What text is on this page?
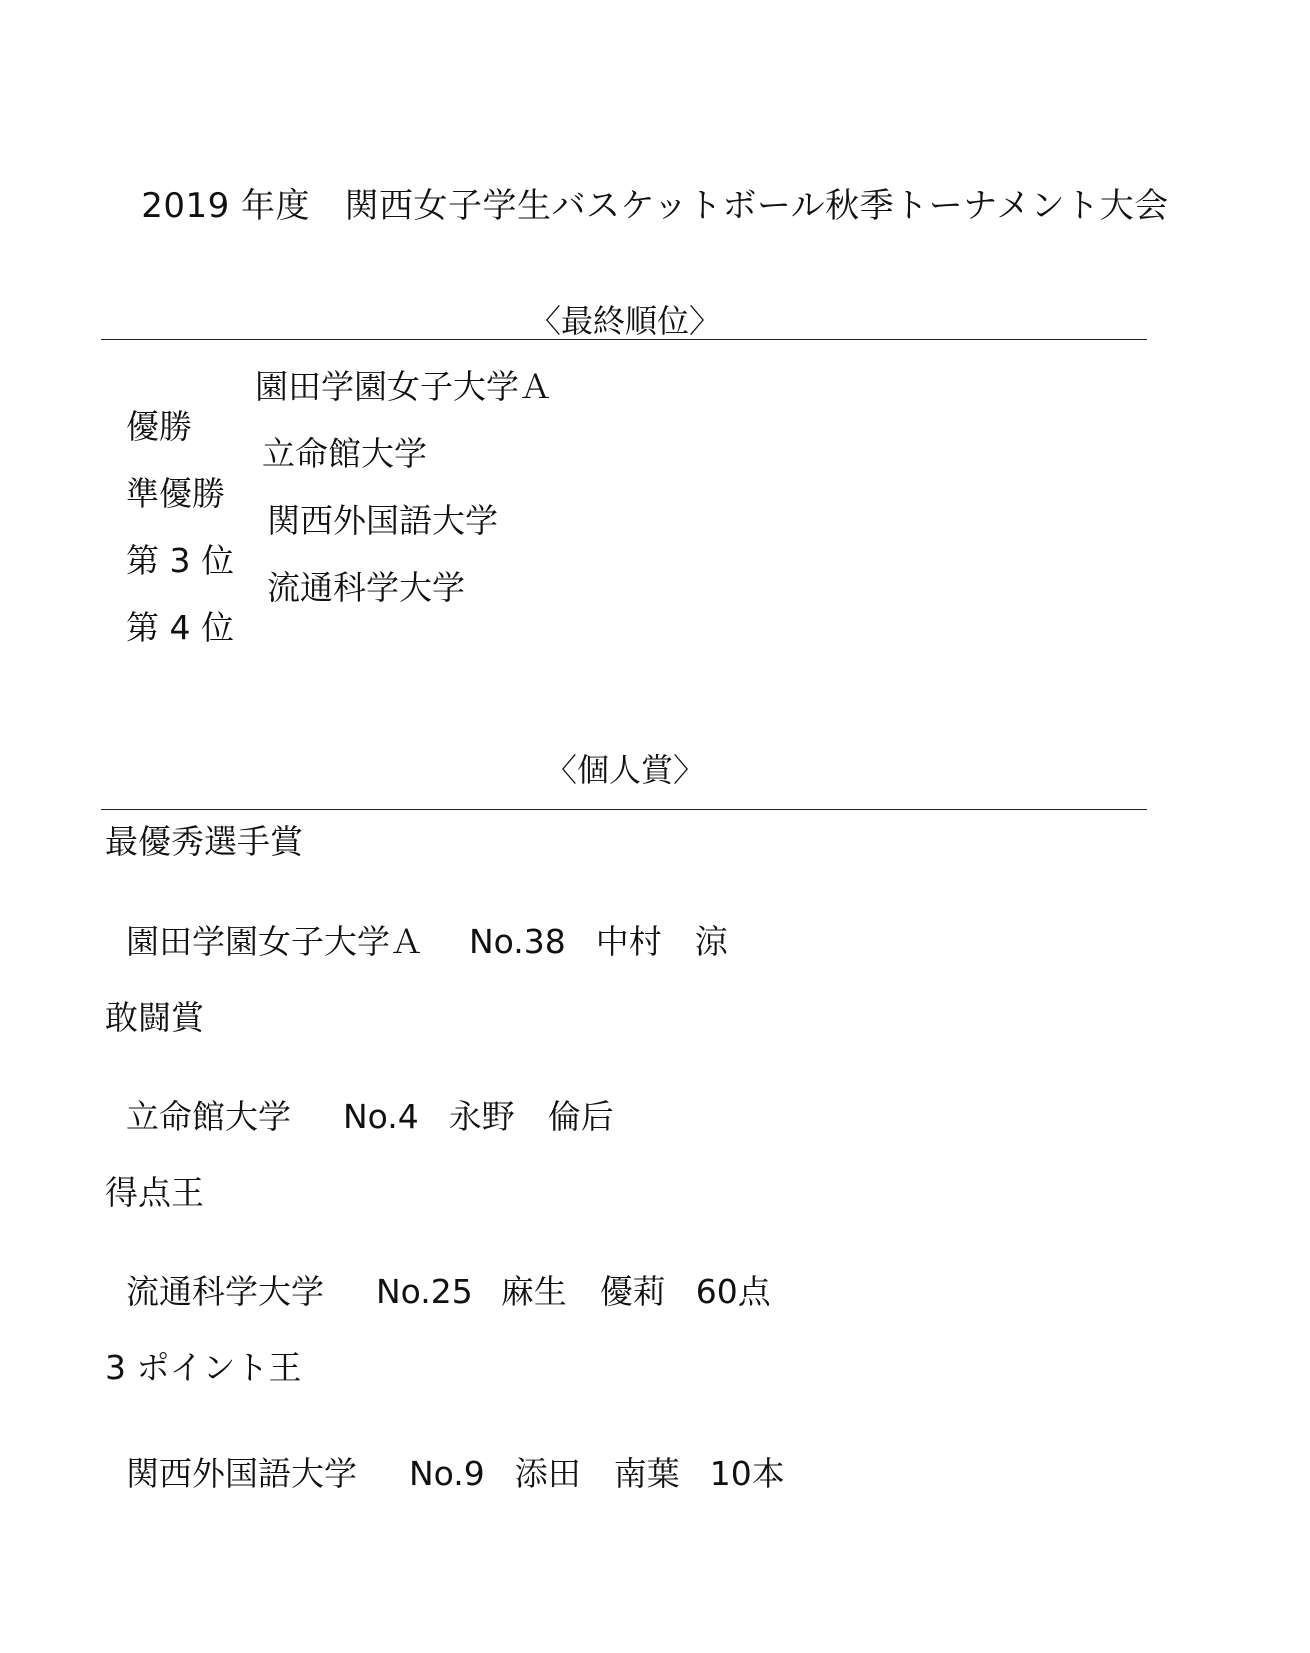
2019 年度　関西女子学生バスケットボール秋季トーナメント大会
〈最終順位〉

優勝

園田学園女子大学Ａ

準優勝

立命館大学

第 3 位

関西外国語大学

第 4 位

流通科学大学

〈個人賞〉
最優秀選手賞

園田学園女子大学Ａ No.38 中村　涼

敢闘賞

立命館大学 No.4 永野　倫后

得点王

流通科学大学 No.25 麻生　優莉 60点

3 ポイント王

関西外国語大学 No.9 添田　南葉 10本
